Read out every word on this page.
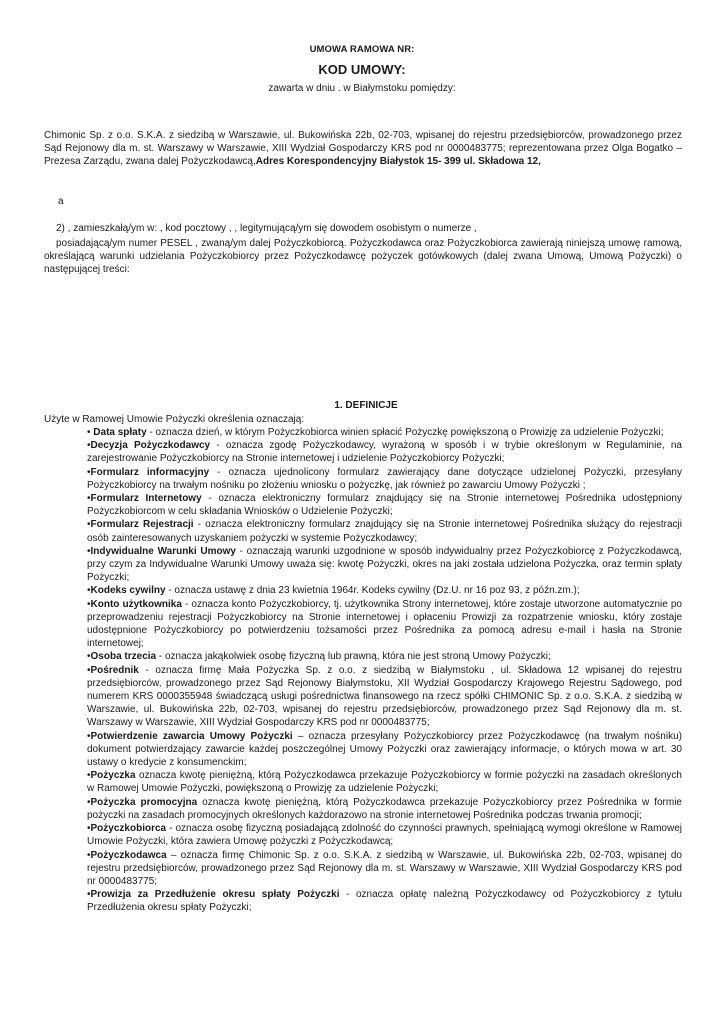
UMOWA RAMOWA NR:
KOD UMOWY:
zawarta w dniu . w Białymstoku pomiędzy:
Chimonic Sp. z o.o. S.K.A. z siedzibą w Warszawie, ul. Bukowińska 22b, 02-703, wpisanej do rejestru przedsiębiorców, prowadzonego przez Sąd Rejonowy dla m. st. Warszawy w Warszawie, XIII Wydział Gospodarczy KRS pod nr 0000483775; reprezentowana przez Olga Bogatko – Prezesa Zarządu, zwana dalej Pożyczkodawcą,Adres Korespondencyjny Białystok 15- 399 ul. Składowa 12,
a
2) , zamieszkałą/ym w: , kod pocztowy , , legitymującą/ym się dowodem osobistym o numerze ,
posiadającą/ym numer PESEL , zwaną/ym dalej Pożyczkobiorcą. Pożyczkodawca oraz Pożyczkobiorca zawierają niniejszą umowę ramową, określającą warunki udzielania Pożyczkobiorcy przez Pożyczkodawcę pożyczek gotówkowych (dalej zwana Umową, Umową Pożyczki) o następującej treści:
1. DEFINICJE
Użyte w Ramowej Umowie Pożyczki określenia oznaczają:
• Data spłaty - oznacza dzień, w którym Pożyczkobiorca winien spłacić Pożyczkę powiększoną o Prowizję za udzielenie Pożyczki;
•Decyzja Pożyczkodawcy - oznacza zgodę Pożyczkodawcy, wyrażoną w sposób i w trybie określonym w Regulaminie, na zarejestrowanie Pożyczkobiorcy na Stronie internetowej i udzielenie Pożyczkobiorcy Pożyczki;
•Formularz informacyjny - oznacza ujednolicony formularz zawierający dane dotyczące udzielonej Pożyczki, przesyłany Pożyczkobiorcy na trwałym nośniku po złożeniu wniosku o pożyczkę, jak również po zawarciu Umowy Pożyczki ;
•Formularz Internetowy - oznacza elektroniczny formularz znajdujący się na Stronie internetowej Pośrednika udostępniony Pożyczkobiorcom w celu składania Wniosków o Udzielenie Pożyczki;
•Formularz Rejestracji - oznacza elektroniczny formularz znajdujący się na Stronie internetowej Pośrednika służący do rejestracji osób zainteresowanych uzyskaniem pożyczki w systemie Pożyczkodawcy;
•Indywidualne Warunki Umowy - oznaczają warunki uzgodnione w sposób indywidualny przez Pożyczkobiorcę z Pożyczkodawcą, przy czym za Indywidualne Warunki Umowy uważa się: kwotę Pożyczki, okres na jaki została udzielona Pożyczka, oraz termin spłaty Pożyczki;
•Kodeks cywilny - oznacza ustawę z dnia 23 kwietnia 1964r. Kodeks cywilny (Dz.U. nr 16 poz 93, z późn.zm.);
•Konto użytkownika - oznacza konto Pożyczkobiorcy, tj. użytkownika Strony internetowej, które zostaje utworzone automatycznie po przeprowadzeniu rejestracji Pożyczkobiorcy na Stronie internetowej i opłaceniu Prowizji za rozpatrzenie wniosku, który zostaje udostępnione Pożyczkobiorcy po potwierdzeniu tożsamości przez Pośrednika za pomocą adresu e-mail i hasła na Stronie internetowej;
•Osoba trzecia - oznacza jakąkolwiek osobę fizyczną lub prawną, która nie jest stroną Umowy Pożyczki;
•Pośrednik - oznacza firmę Mała Pożyczka Sp. z o.o. z siedzibą w Białymstoku , ul. Składowa 12 wpisanej do rejestru przedsiębiorców, prowadzonego przez Sąd Rejonowy Białymstoku, XII Wydział Gospodarczy Krajowego Rejestru Sądowego, pod numerem KRS 0000355948 świadczącą usługi pośrednictwa finansowego na rzecz spółki CHIMONIC Sp. z o.o. S.K.A. z siedzibą w Warszawie, ul. Bukowińska 22b, 02-703, wpisanej do rejestru przedsiębiorców, prowadzonego przez Sąd Rejonowy dla m. st. Warszawy w Warszawie, XIII Wydział Gospodarczy KRS pod nr 0000483775;
•Potwierdzenie zawarcia Umowy Pożyczki – oznacza przesyłany Pożyczkobiorcy przez Pożyczkodawcę (na trwałym nośniku) dokument potwierdzający zawarcie każdej poszczególnej Umowy Pożyczki oraz zawierający informacje, o których mowa w art. 30 ustawy o kredycie z konsumenckim;
•Pożyczka oznacza kwotę pieniężną, którą Pożyczkodawca przekazuje Pożyczkobiorcy w formie pożyczki na zasadach określonych w Ramowej Umowie Pożyczki, powiększoną o Prowizję za udzielenie Pożyczki;
•Pożyczka promocyjna oznacza kwotę pieniężną, którą Pożyczkodawca przekazuje Pożyczkobiorcy przez Pośrednika w formie pożyczki na zasadach promocyjnych określonych każdorazowo na stronie internetowej Pośrednika podczas trwania promocji;
•Pożyczkobiorca - oznacza osobę fizyczną posiadającą zdolność do czynności prawnych, spełniającą wymogi określone w Ramowej Umowie Pożyczki, która zawiera Umowę pożyczki z Pożyczkodawcą;
•Pożyczkodawca – oznacza firmę Chimonic Sp. z o.o. S.K.A. z siedzibą w Warszawie, ul. Bukowińska 22b, 02-703, wpisanej do rejestru przedsiębiorców, prowadzonego przez Sąd Rejonowy dla m. st. Warszawy w Warszawie, XIII Wydział Gospodarczy KRS pod nr 0000483775;
•Prowizja za Przedłużenie okresu spłaty Pożyczki - oznacza opłatę należną Pożyczkodawcy od Pożyczkobiorcy z tytułu Przedłużenia okresu spłaty Pożyczki;
